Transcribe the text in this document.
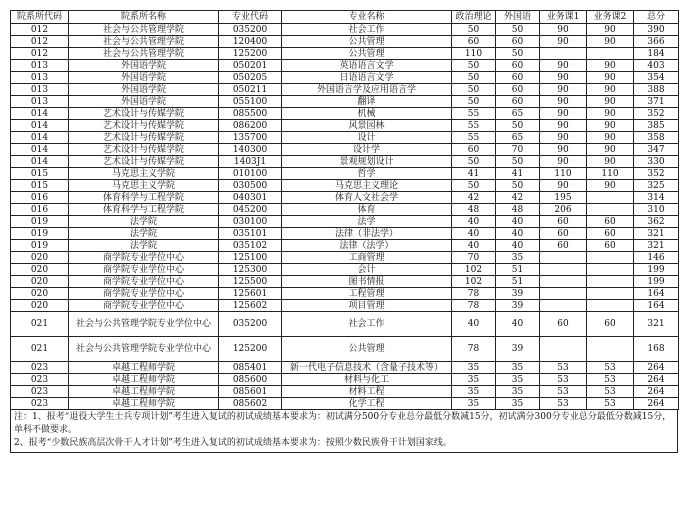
院系所代码	院系所名称	专业代码	专业名称	政治理论	外国语	业务课1	业务课2	总分
012	社会与公共管理学院	035200	社会工作	50	50	90	90	390
012	社会与公共管理学院	120400	公共管理	60	60	90	90	366
012	社会与公共管理学院	125200	公共管理	110	50			184
013	外国语学院	050201	英语语言文学	50	60	90	90	403
013	外国语学院	050205	日语语言文学	50	60	90	90	354
013	外国语学院	050211	外国语言学及应用语言学	50	60	90	90	388
013	外国语学院	055100	翻译	50	60	90	90	371
014	艺术设计与传媒学院	085500	机械	55	65	90	90	352
014	艺术设计与传媒学院	086200	风景园林	55	50	90	90	385
014	艺术设计与传媒学院	135700	设计	55	65	90	90	358
014	艺术设计与传媒学院	140300	设计学	60	70	90	90	347
014	艺术设计与传媒学院	1403J1	景观规划设计	50	50	90	90	330
015	马克思主义学院	010100	哲学	41	41	110	110	352
015	马克思主义学院	030500	马克思主义理论	50	50	90	90	325
016	体育科学与工程学院	040301	体育人文社会学	42	42	195		314
016	体育科学与工程学院	045200	体育	48	48	206		310
019	法学院	030100	法学	40	40	60	60	362
019	法学院	035101	法律（非法学）	40	40	60	60	321
019	法学院	035102	法律（法学）	40	40	60	60	321
020	商学院专业学位中心	125100	工商管理	70	35			146
020	商学院专业学位中心	125300	会计	102	51			199
020	商学院专业学位中心	125500	图书情报	102	51			199
020	商学院专业学位中心	125601	工程管理	78	39			164
020	商学院专业学位中心	125602	项目管理	78	39			164
021	社会与公共管理学院专业学位中心	035200	社会工作	40	40	60	60	321
021	社会与公共管理学院专业学位中心	125200	公共管理	78	39			168
023	卓越工程师学院	085401	新一代电子信息技术（含量子技术等）	35	35	53	53	264
023	卓越工程师学院	085600	材料与化工	35	35	53	53	264
023	卓越工程师学院	085601	材料工程	35	35	53	53	264
023	卓越工程师学院	085602	化学工程	35	35	53	53	264
注：1、报考“退役大学生士兵专项计划”考生进入复试的初试成绩基本要求为：初试满分500分专业总分最低分数减15分，初试满分300分专业总分最低分数减15分，单科不做要求。
2、报考“少数民族高层次骨干人才计划”考生进入复试的初试成绩基本要求为：按照少数民族骨干计划国家线。
